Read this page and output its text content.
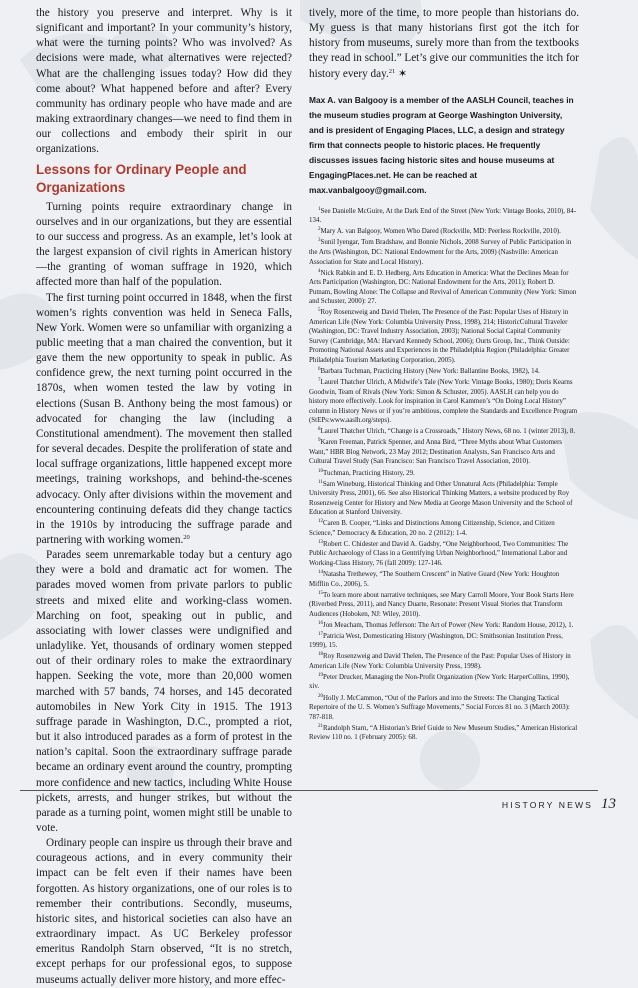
the history you preserve and interpret. Why is it significant and important? In your community’s history, what were the turning points? Who was involved? As decisions were made, what alternatives were rejected? What are the challenging issues today? How did they come about? What happened before and after? Every community has ordinary people who have made and are making extraordinary changes—we need to find them in our collections and embody their spirit in our organizations.

Lessons for Ordinary People and Organizations

Turning points require extraordinary change in ourselves and in our organizations, but they are essential to our success and progress. As an example, let’s look at the largest expansion of civil rights in American history—the granting of woman suffrage in 1920, which affected more than half of the population.

The first turning point occurred in 1848, when the first women’s rights convention was held in Seneca Falls, New York. Women were so unfamiliar with organizing a public meeting that a man chaired the convention, but it gave them the new opportunity to speak in public. As confidence grew, the next turning point occurred in the 1870s, when women tested the law by voting in elections (Susan B. Anthony being the most famous) or advocated for changing the law (including a Constitutional amendment). The movement then stalled for several decades. Despite the proliferation of state and local suffrage organizations, little happened except more meetings, training workshops, and behind-the-scenes advocacy. Only after divisions within the movement and encountering continuing defeats did they change tactics in the 1910s by introducing the suffrage parade and partnering with working women.$^{20}$

Parades seem unremarkable today but a century ago they were a bold and dramatic act for women. The parades moved women from private parlors to public streets and mixed elite and working-class women. Marching on foot, speaking out in public, and associating with lower classes were undignified and unladylike. Yet, thousands of ordinary women stepped out of their ordinary roles to make the extraordinary happen. Seeking the vote, more than 20,000 women marched with 57 bands, 74 horses, and 145 decorated automobiles in New York City in 1915. The 1913 suffrage parade in Washington, D.C., prompted a riot, but it also introduced parades as a form of protest in the nation’s capital. Soon the extraordinary suffrage parade became an ordinary event around the country, prompting more confidence and new tactics, including White House pickets, arrests, and hunger strikes, but without the parade as a turning point, women might still be unable to vote.

Ordinary people can inspire us through their brave and courageous actions, and in every community their impact can be felt even if their names have been forgotten. As history organizations, one of our roles is to remember their contributions. Secondly, museums, historic sites, and historical societies can also have an extraordinary impact. As UC Berkeley professor emeritus Randolph Starn observed, “It is no stretch, except perhaps for our professional egos, to suppose museums actually deliver more history, and more effec-

tively, more of the time, to more people than historians do. My guess is that many historians first got the itch for history from museums, surely more than from the textbooks they read in school.” Let’s give our communities the itch for history every day.$^{21}$ ✶

Max A. van Balgooy is a member of the AASLH Council, teaches in the museum studies program at George Washington University, and is president of Engaging Places, LLC, a design and strategy firm that connects people to historic places. He frequently discusses issues facing historic sites and house museums at EngagingPlaces.net. He can be reached at max.vanbalgooy@gmail.com.

$^1$See Danielle McGuire, At the Dark End of the Street (New York: Vintage Books, 2010), 84-134.

$^2$Mary A. van Balgooy, Women Who Dared (Rockville, MD: Peerless Rockville, 2010).

$^3$Sunil Iyengar, Tom Bradshaw, and Bonnie Nichols, 2008 Survey of Public Participation in the Arts (Washington, DC: National Endowment for the Arts, 2009) (Nashville: American Association for State and Local History).

$^4$Nick Rabkin and E. D. Hedberg, Arts Education in America: What the Declines Mean for Arts Participation (Washington, DC: National Endowment for the Arts, 2011); Robert D. Putnam, Bowling Alone: The Collapse and Revival of American Community (New York: Simon and Schuster, 2000): 27.

$^5$Roy Rosenzweig and David Thelen, The Presence of the Past: Popular Uses of History in American Life (New York: Columbia University Press, 1998), 214; HistoricCultural Traveler (Washington, DC: Travel Industry Association, 2003); National Social Capital Community Survey (Cambridge, MA: Harvard Kennedy School, 2006); Ourts Group, Inc., Think Outside: Promoting National Assets and Experiences in the Philadelphia Region (Philadelphia: Greater Philadelphia Tourism Marketing Corporation, 2005).

$^6$Barbara Tuchman, Practicing History (New York: Ballantine Books, 1982), 14.

$^7$Laurel Thatcher Ulrich, A Midwife’s Tale (New York: Vintage Books, 1980); Doris Kearns Goodwin, Team of Rivals (New York: Simon & Schuster, 2005). AASLH can help you do history more effectively. Look for inspiration in Carol Kammen’s “On Doing Local History” column in History News or if you’re ambitious, complete the Standards and Excellence Program (StEPs:www.aaslh.org/steps).

$^8$Laurel Thatcher Ulrich, “Change is a Crossroads,” History News, 68 no. 1 (winter 2013), 8.

$^9$Karen Freeman, Patrick Spenner, and Anna Bird, “Three Myths about What Customers Want,” HBR Blog Network, 23 May 2012; Destination Analysts, San Francisco Arts and Cultural Travel Study (San Francisco: San Francisco Travel Association, 2010).

$^{10}$Tuchman, Practicing History, 29.

$^{11}$Sam Wineburg, Historical Thinking and Other Unnatural Acts (Philadelphia: Temple University Press, 2001), 66. See also Historical Thinking Matters, a website produced by Roy Rosenzweig Center for History and New Media at George Mason University and the School of Education at Stanford University.

$^{12}$Caren B. Cooper, “Links and Distinctions Among Citizenship, Science, and Citizen Science,” Democracy & Education, 20 no. 2 (2012): 1-4.

$^{13}$Robert C. Chidester and David A. Gadsby, “One Neighborhood, Two Communities: The Public Archaeology of Class in a Gentrifying Urban Neighborhood,” International Labor and Working-Class History, 76 (fall 2009): 127-146.

$^{14}$Natasha Trethewey, “The Southern Crescent” in Native Guard (New York: Houghton Mifflin Co., 2006), 5.

$^{15}$To learn more about narrative techniques, see Mary Carroll Moore, Your Book Starts Here (Riverbed Press, 2011), and Nancy Duarte, Resonate: Present Visual Stories that Transform Audiences (Hoboken, NJ: Wiley, 2010).

$^{16}$Jon Meacham, Thomas Jefferson: The Art of Power (New York: Random House, 2012), 1.

$^{17}$Patricia West, Domesticating History (Washington, DC: Smithsonian Institution Press, 1999), 15.

$^{18}$Roy Rosenzweig and David Thelen, The Presence of the Past: Popular Uses of History in American Life (New York: Columbia University Press, 1998).

$^{19}$Peter Drucker, Managing the Non-Profit Organization (New York: HarperCollins, 1990), xiv.

$^{20}$Holly J. McCammon, “Out of the Parlors and into the Streets: The Changing Tactical Repertoire of the U. S. Women’s Suffrage Movements,” Social Forces 81 no. 3 (March 2003): 787-818.

$^{21}$Randolph Starn, “A Historian’s Brief Guide to New Museum Studies,” American Historical Review 110 no. 1 (February 2005): 68.

HISTORY NEWS 13
